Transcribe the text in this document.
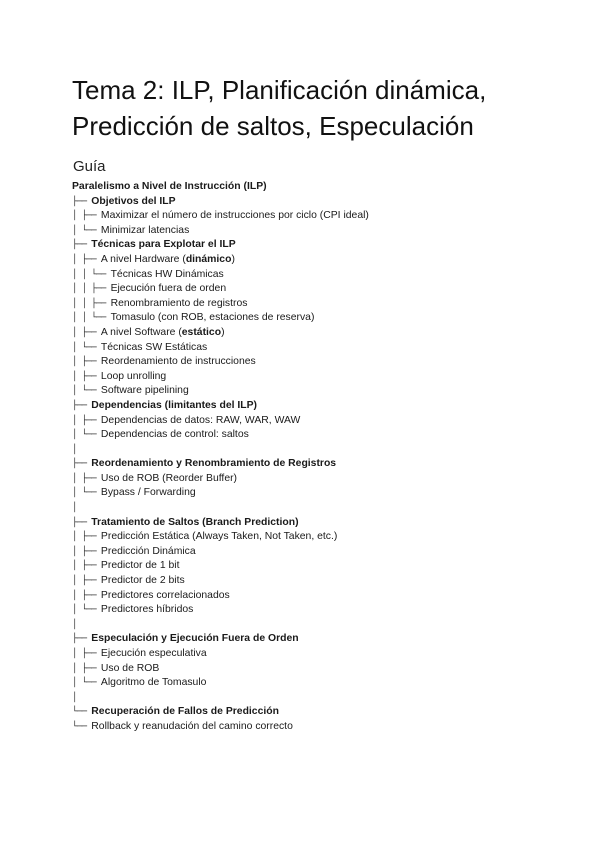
Tema 2: ILP, Planificación dinámica,
Predicción de saltos, Especulación
Guía
Paralelismo a Nivel de Instrucción (ILP)
├── Objetivos del ILP
│ ├── Maximizar el número de instrucciones por ciclo (CPI ideal)
│ └── Minimizar latencias
├── Técnicas para Explotar el ILP
│ ├── A nivel Hardware (dinámico)
│ │ └── Técnicas HW Dinámicas
│ │ ├── Ejecución fuera de orden
│ │ ├── Renombramiento de registros
│ │ └── Tomasulo (con ROB, estaciones de reserva)
│ ├── A nivel Software (estático)
│ └── Técnicas SW Estáticas
│ ├── Reordenamiento de instrucciones
│ ├── Loop unrolling
│ └── Software pipelining
├── Dependencias (limitantes del ILP)
│ ├── Dependencias de datos: RAW, WAR, WAW
│ └── Dependencias de control: saltos
│
├── Reordenamiento y Renombramiento de Registros
│ ├── Uso de ROB (Reorder Buffer)
│ └── Bypass / Forwarding
│
├── Tratamiento de Saltos (Branch Prediction)
│ ├── Predicción Estática (Always Taken, Not Taken, etc.)
│ ├── Predicción Dinámica
│ ├── Predictor de 1 bit
│ ├── Predictor de 2 bits
│ ├── Predictores correlacionados
│ └── Predictores híbridos
│
├── Especulación y Ejecución Fuera de Orden
│ ├── Ejecución especulativa
│ ├── Uso de ROB
│ └── Algoritmo de Tomasulo
│
└── Recuperación de Fallos de Predicción
└── Rollback y reanudación del camino correcto
